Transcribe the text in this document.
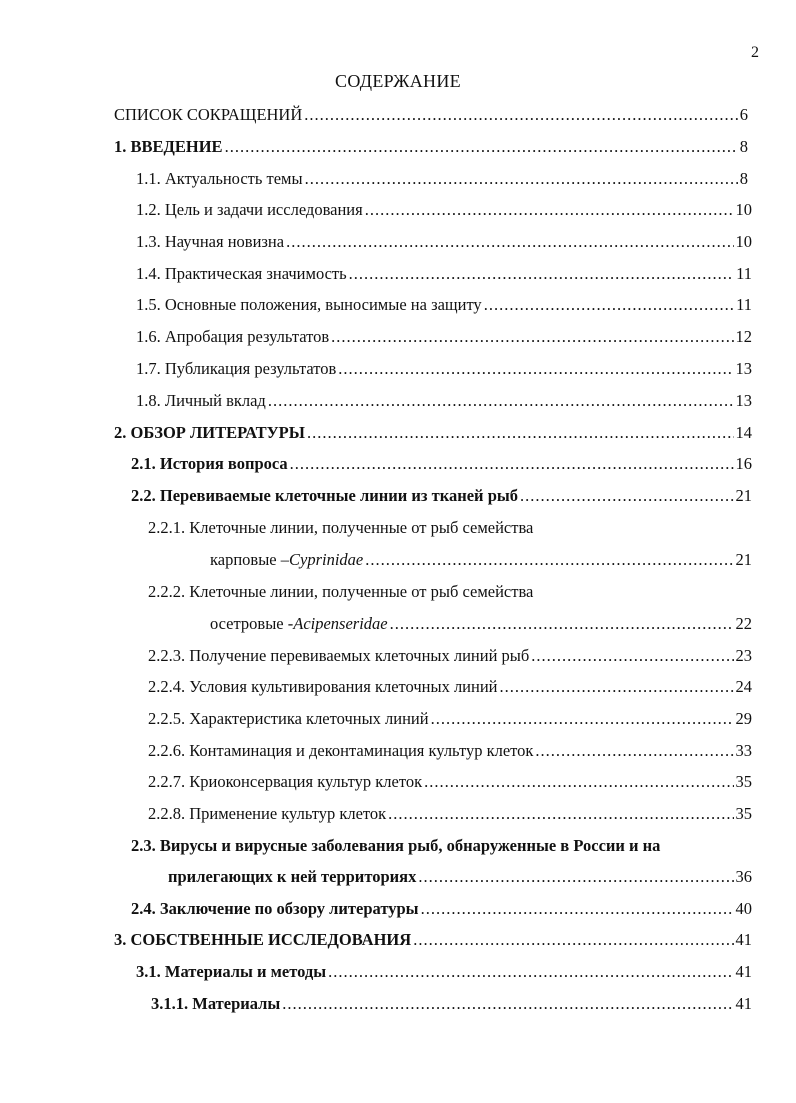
2
СОДЕРЖАНИЕ
СПИСОК СОКРАЩЕНИЙ .....	6
1. ВВЕДЕНИЕ .....	8
1.1. Актуальность темы .....	8
1.2. Цель и задачи исследования .....	10
1.3. Научная новизна .....	10
1.4. Практическая значимость .....	11
1.5. Основные положения, выносимые на защиту .....	11
1.6. Апробация результатов .....	12
1.7. Публикация результатов .....	13
1.8. Личный вклад .....	13
2. ОБЗОР ЛИТЕРАТУРЫ .....	14
2.1. История вопроса .....	16
2.2. Перевиваемые клеточные линии из тканей рыб .....	21
2.2.1. Клеточные линии, полученные от рыб семейства
карповые – Cyprinidae .....	21
2.2.2. Клеточные линии, полученные от рыб семейства
осетровые - Acipenseridae .....	22
2.2.3. Получение перевиваемых клеточных линий рыб .....	23
2.2.4. Условия культивирования клеточных линий .....	24
2.2.5. Характеристика клеточных линий .....	29
2.2.6. Контаминация и деконтаминация культур клеток .....	33
2.2.7. Криоконсервация культур клеток .....	35
2.2.8. Применение культур клеток .....	35
2.3. Вирусы и вирусные заболевания рыб, обнаруженные в России и на
прилегающих к ней территориях .....	36
2.4. Заключение по обзору литературы .....	40
3. СОБСТВЕННЫЕ ИССЛЕДОВАНИЯ .....	41
3.1. Материалы и методы .....	41
3.1.1. Материалы .....	41
